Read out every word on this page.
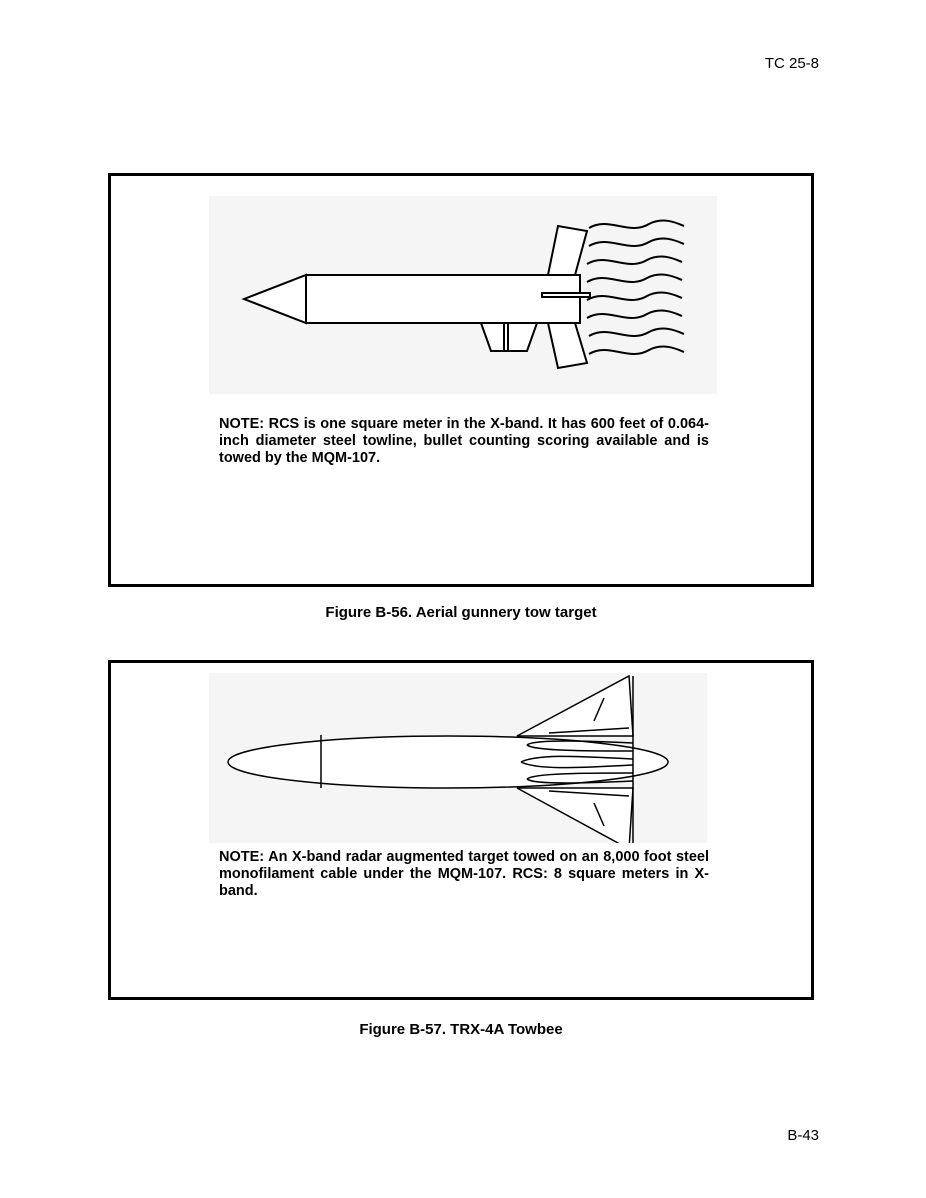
TC 25-8
NOTE: RCS is one square meter in the X-band. It has 600 feet of 0.064-inch diameter steel towline, bullet counting scoring available and is towed by the MQM-107.
Figure B-56. Aerial gunnery tow target
NOTE: An X-band radar augmented target towed on an 8,000 foot steel monofilament cable under the MQM-107. RCS: 8 square meters in X-band.
Figure B-57. TRX-4A Towbee
B-43
